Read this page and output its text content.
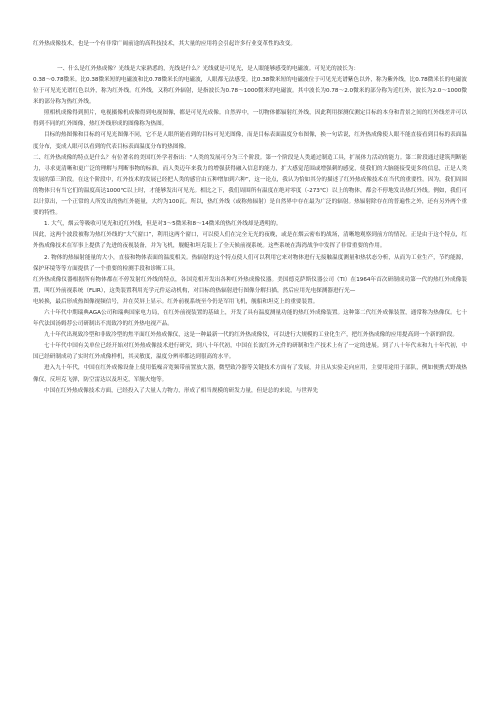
红外热成像技术，也是一个有非常广阔前途的高科技技术，其大量的应用将会引起许多行业变革性的改变。

一、什么是红外热成像？光线是大家熟悉的，光线是什么？光线就是可见光，是人眼能够感受的电磁波。可见光的波长为：

0.38～0.78微米。比0.38微米短的电磁波和比0.78微米长的电磁波，人眼都无法感受。比0.38微米短的电磁波位于可见光光谱紫色以外，称为紫外线，比0.78微米长的电磁波位于可见光光谱红色以外，称为红外线。红外线，又称红外辐射，是指波长为0.78～1000微米的电磁波。其中波长为0.78～2.0微米的部分称为近红外，波长为2.0～1000微米的部分称为热红外线。

照相机成像得到照片，电视摄像机成像得到电视图像，都是可见光成像。自然界中，一切物体都辐射红外线，因此利用探测仪测定目标的本身和背景之间的红外线差并可以得到不同的红外图像，热红外线形成的图像称为热图。

目标的热图像和目标的可见光图像不同，它不是人眼所能看到的目标可见光图像，而是目标表面温度分布图像，换一句话说，红外热成像使人眼不能直接看到目标的表面温度分布，变成人眼可以看到的代表目标表面温度分布的热图像。

二、红外热成像的特点是什么？有位著名的美国红外学者指出：“人类的发展可分为三个阶段。第一个阶段是人类通过制造工具，扩展体力活动的能力。第二阶段通过建筑判断能力，寻求更清晰和更广泛的理解与判断事物的标准，而人类迈年来我力的增强获得融入信息的能力，扩大感觉范围或增强刺的感觉，使我们的大脑能接受更多的信息，正是人类发展的第三阶段。在这个阶段中，红外技术的发展已经把人类的感官由五种增加到六种”，这一论点，我认为恰如其分的描述了红外热成像技术在当代的重要性。因为，我们周围的物体只有当它们的温度高达1000℃以上时，才能够发出可见光。相比之下，我们周围所有温度在绝对零度（-273℃）以上的物体，都会不停地发出热红外线。例如，我们可以计算出，一个正常的人所发出的热红外能量，大约为100瓦。所以，热红外线（或称热辐射）是自然界中存在最为广泛的辐射。热辐射除存在的普遍性之外，还有另外两个重要的特性。

1. 大气，烟云等吸收可见光和近红外线，但是对3～5微米和8～14微米的热红外线却是透明的。

因此，这两个波段被称为热红外线的“大气窗口”，利用这两个窗口，可以使人们在完全无光的夜晚，或是在烟云密布的战场，清晰地观察到前方的情况。正是由于这个特点，红外热成像技术在军事上提供了先进的夜视装备，并为飞机，舰艇和坦克装上了全天候前视系统。这些系统在海湾战争中发挥了非常重要的作用。

2. 物体的热辐射能量的大小，直接和物体表面的温度相关。热辐射的这个特点使人们可以利用它来对物体进行无接触温度测量和热状态分析，从而为工业生产，节约能源，保护环境等等方面提供了一个重要的检测手段和诊断工具。

红外热成像仪器根据所有物体都在不停发射红外线的特点，各国竞相开发出各种红外热成像仪器。美国德克萨斯仪器公司（TI）在1964年首次研制成功第一代的热红外成像装置，叫红外前视系统（FLIR），这类装置利用光学元件运动机构，对目标的热辐射进行图像分解扫描，然后应用光电探测器进行光—

电转换，最后形成热图像视频信号，并在荧屏上显示。红外前视系统至今仍是军用飞机，舰船和坦克上的重要装置。

六十年代中期瑞典AGA公司和瑞典国家电力局，在红外前视装置的基础上，开发了具有温度测量功能的热红外成像装置。这种第二代红外成像装置，通常称为热像仪。七十年代法国汤姆荐公司研制出不需致冷的红外热电视产品。

九十年代出现致冷型和非致冷型的焦平面红外热成像仪，这是一种最新一代的红外热成像仪，可以进行大规模的工业化生产，把红外热成像的应用提高到一个新的阶段。

七十年代中国有关单位已经开始对红外热成像技术进行研究，到八十年代初，中国在长波红外元件的研制和生产技术上有了一定的进展。到了八十年代末和九十年代初，中国已经研制成功了实时红外成像样机，其灵敏度，温度分辨率都达到很高的水平。

进入九十年代，中国在红外成像设备上使用低噪音宽频带前置放大器，微型致冷器等关键技术方面有了发展，并且从实验走向应用，主要用途用于部队，例如便携式野战热像仪，反坦克飞弹，防空雷达以及坦克，军舰火炮等。

中国在红外热成像技术方面，已经投入了大量人力物力，形成了相当规模的研发力量，但是总的来说，与世界先
